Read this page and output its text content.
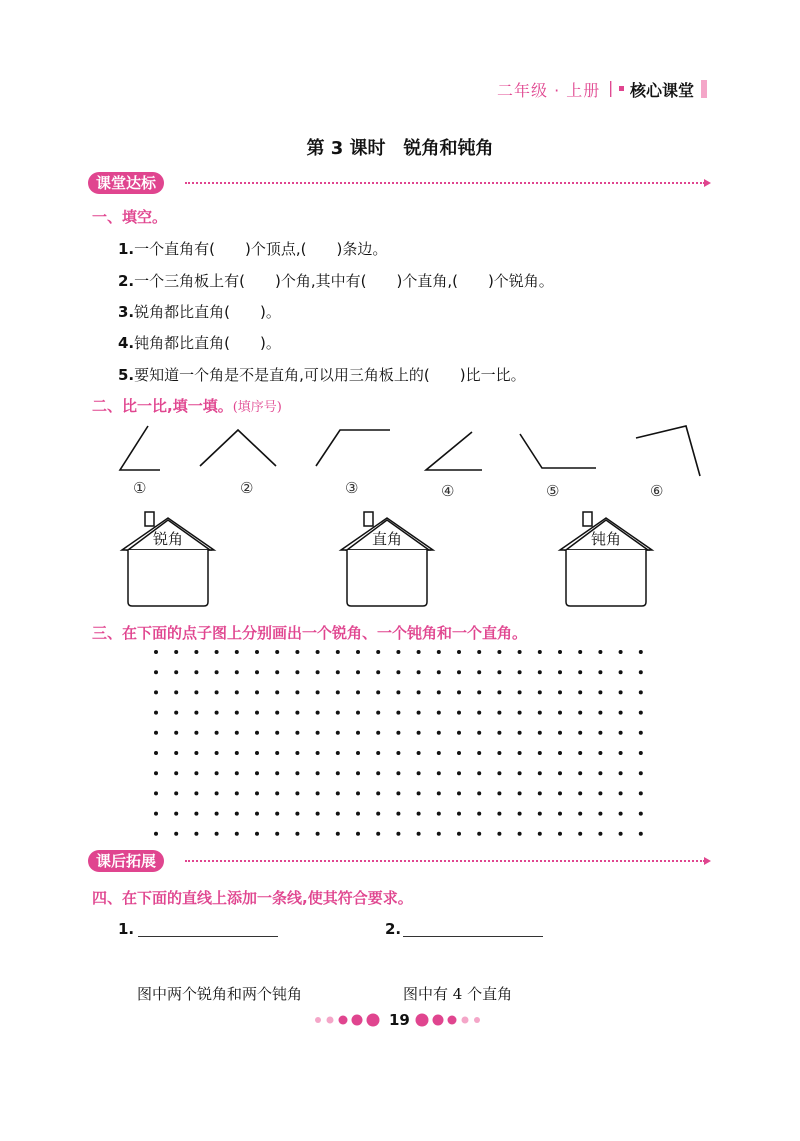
二年级 · 上册 | 核心课堂
第 3 课时　锐角和钝角
课堂达标
一、填空。
1.一个直角有(　　)个顶点,(　　)条边。
2.一个三角板上有(　　)个角,其中有(　　)个直角,(　　)个锐角。
3.锐角都比直角(　　)。
4.钝角都比直角(　　)。
5.要知道一个角是不是直角,可以用三角板上的(　　)比一比。
二、比一比,填一填。(填序号)
①	②	③	④	⑤	⑥
锐角	直角	钝角
三、在下面的点子图上分别画出一个锐角、一个钝角和一个直角。
课后拓展
四、在下面的直线上添加一条线,使其符合要求。
1.	2.
图中两个锐角和两个钝角	图中有 4 个直角
19
